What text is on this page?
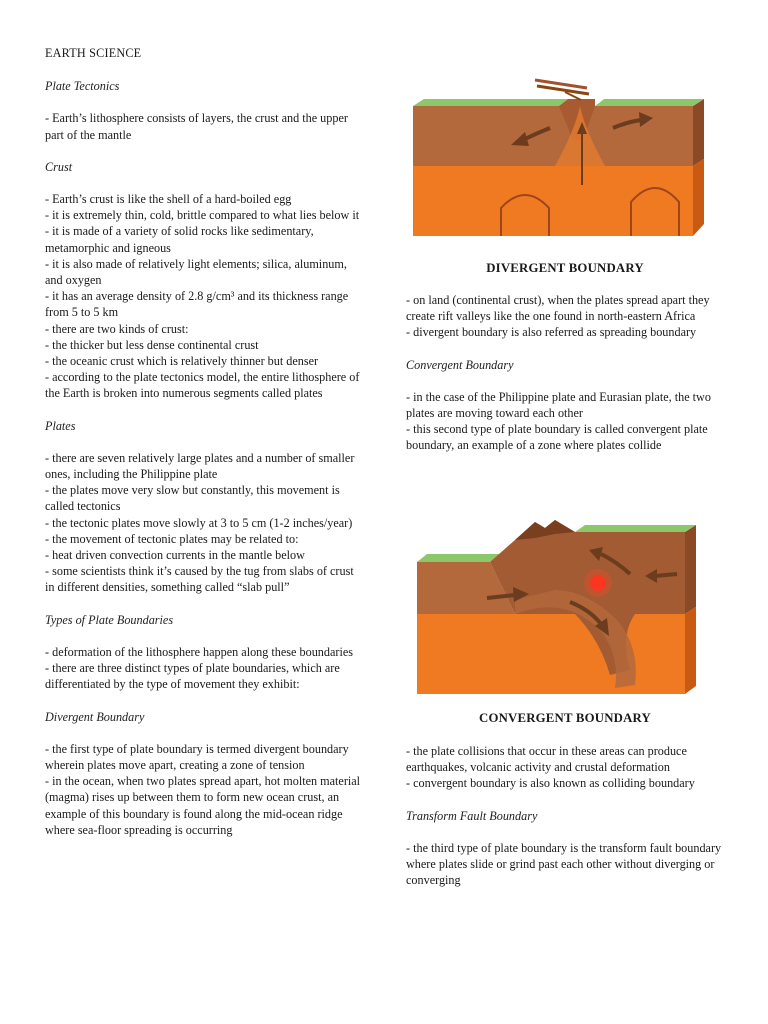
EARTH SCIENCE
Plate Tectonics
- Earth’s lithosphere consists of layers, the crust and the upper part of the mantle
Crust
- Earth’s crust is like the shell of a hard-boiled egg
- it is extremely thin, cold, brittle compared to what lies below it
- it is made of a variety of solid rocks like sedimentary, metamorphic and igneous
- it is also made of relatively light elements; silica, aluminum, and oxygen
- it has an average density of 2.8 g/cm³ and its thickness range from 5 to 5 km
- there are two kinds of crust:
- the thicker but less dense continental crust
- the oceanic crust which is relatively thinner but denser
- according to the plate tectonics model, the entire lithosphere of the Earth is broken into numerous segments called plates
Plates
- there are seven relatively large plates and a number of smaller ones, including the Philippine plate
- the plates move very slow but constantly, this movement is called tectonics
- the tectonic plates move slowly at 3 to 5 cm (1-2 inches/year)
- the movement of tectonic plates may be related to:
- heat driven convection currents in the mantle below
- some scientists think it’s caused by the tug from slabs of crust in different densities, something called “slab pull”
Types of Plate Boundaries
- deformation of the lithosphere happen along these boundaries
- there are three distinct types of plate boundaries, which are differentiated by the type of movement they exhibit:
Divergent Boundary
- the first type of plate boundary is termed divergent boundary wherein plates move apart, creating a zone of tension
- in the ocean, when two plates spread apart, hot molten material (magma) rises up between them to form new ocean crust, an example of this boundary is found along the mid-ocean ridge where sea-floor spreading is occurring
DIVERGENT BOUNDARY
- on land (continental crust), when the plates spread apart they create rift valleys like the one found in north-eastern Africa
- divergent boundary is also referred as spreading boundary
Convergent Boundary
- in the case of the Philippine plate and Eurasian plate, the two plates are moving toward each other
- this second type of plate boundary is called convergent plate boundary, an example of a zone where plates collide
CONVERGENT BOUNDARY
- the plate collisions that occur in these areas can produce earthquakes, volcanic activity and crustal deformation
- convergent boundary is also known as colliding boundary
Transform Fault Boundary
- the third type of plate boundary is the transform fault boundary where plates slide or grind past each other without diverging or converging
